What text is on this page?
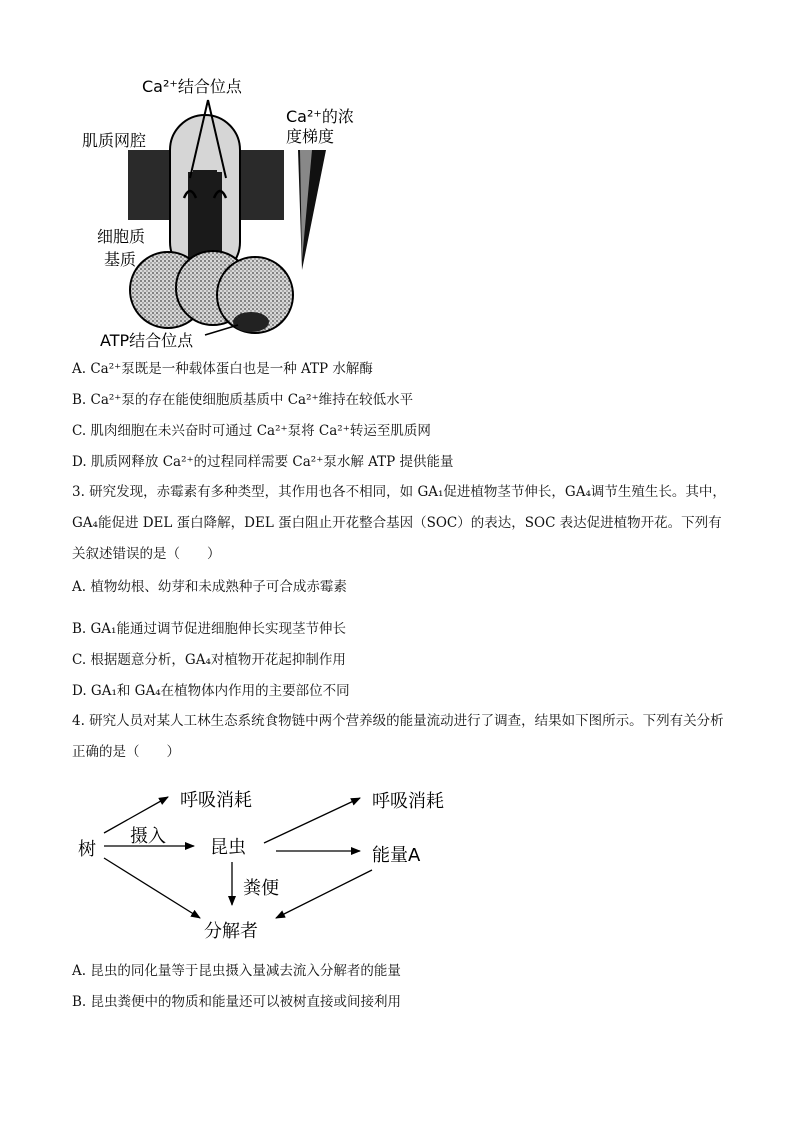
Ca²⁺结合位点
Ca²⁺的浓
度梯度
肌质网腔
细胞质
基质
ATP结合位点
A. Ca²⁺泵既是一种载体蛋白也是一种 ATP 水解酶
B. Ca²⁺泵的存在能使细胞质基质中 Ca²⁺维持在较低水平
C. 肌肉细胞在未兴奋时可通过 Ca²⁺泵将 Ca²⁺转运至肌质网
D. 肌质网释放 Ca²⁺的过程同样需要 Ca²⁺泵水解 ATP 提供能量
3. 研究发现，赤霉素有多种类型，其作用也各不相同，如 GA₁促进植物茎节伸长，GA₄调节生殖生长。其中，GA₄能促进 DEL 蛋白降解，DEL 蛋白阻止开花整合基因（SOC）的表达，SOC 表达促进植物开花。下列有关叙述错误的是（　　）
A. 植物幼根、幼芽和未成熟种子可合成赤霉素
B. GA₁能通过调节促进细胞伸长实现茎节伸长
C. 根据题意分析，GA₄对植物开花起抑制作用
D. GA₁和 GA₄在植物体内作用的主要部位不同
4. 研究人员对某人工林生态系统食物链中两个营养级的能量流动进行了调查，结果如下图所示。下列有关分析正确的是（　　）
树
摄入
昆虫
呼吸消耗	呼吸消耗
能量A
粪便
分解者
A. 昆虫的同化量等于昆虫摄入量减去流入分解者的能量
B. 昆虫粪便中的物质和能量还可以被树直接或间接利用
